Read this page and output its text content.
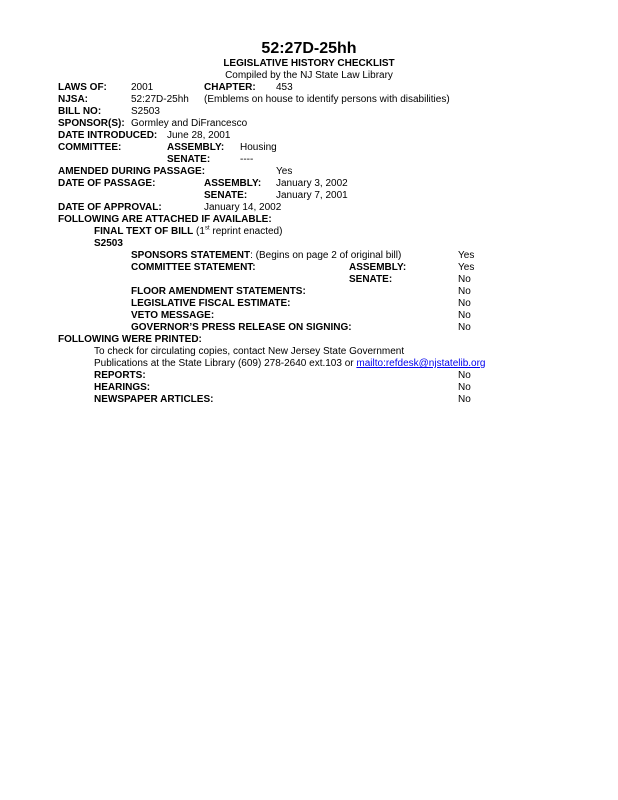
52:27D-25hh
LEGISLATIVE HISTORY CHECKLIST
Compiled by the NJ State Law Library
LAWS OF: 2001	CHAPTER: 453
NJSA:	52:27D-25hh (Emblems on house to identify persons with disabilities)
BILL NO:	S2503
SPONSOR(S): Gormley and DiFrancesco
DATE INTRODUCED: June 28, 2001
COMMITTEE:	ASSEMBLY: Housing
SENATE:	----
AMENDED DURING PASSAGE:	Yes
DATE OF PASSAGE:	ASSEMBLY: January 3, 2002
SENATE:	January 7, 2001
DATE OF APPROVAL:	January 14, 2002
FOLLOWING ARE ATTACHED IF AVAILABLE:
FINAL TEXT OF BILL (1st reprint enacted)
S2503
SPONSORS STATEMENT: (Begins on page 2 of original bill)	Yes
COMMITTEE STATEMENT:	ASSEMBLY:	Yes
SENATE:	No
FLOOR AMENDMENT STATEMENTS:	No
LEGISLATIVE FISCAL ESTIMATE:	No
VETO MESSAGE:	No
GOVERNOR’S PRESS RELEASE ON SIGNING:	No
FOLLOWING WERE PRINTED:
To check for circulating copies, contact New Jersey State Government
Publications at the State Library (609) 278-2640 ext.103 or mailto:refdesk@njstatelib.org
REPORTS:	No
HEARINGS:	No
NEWSPAPER ARTICLES:	No
